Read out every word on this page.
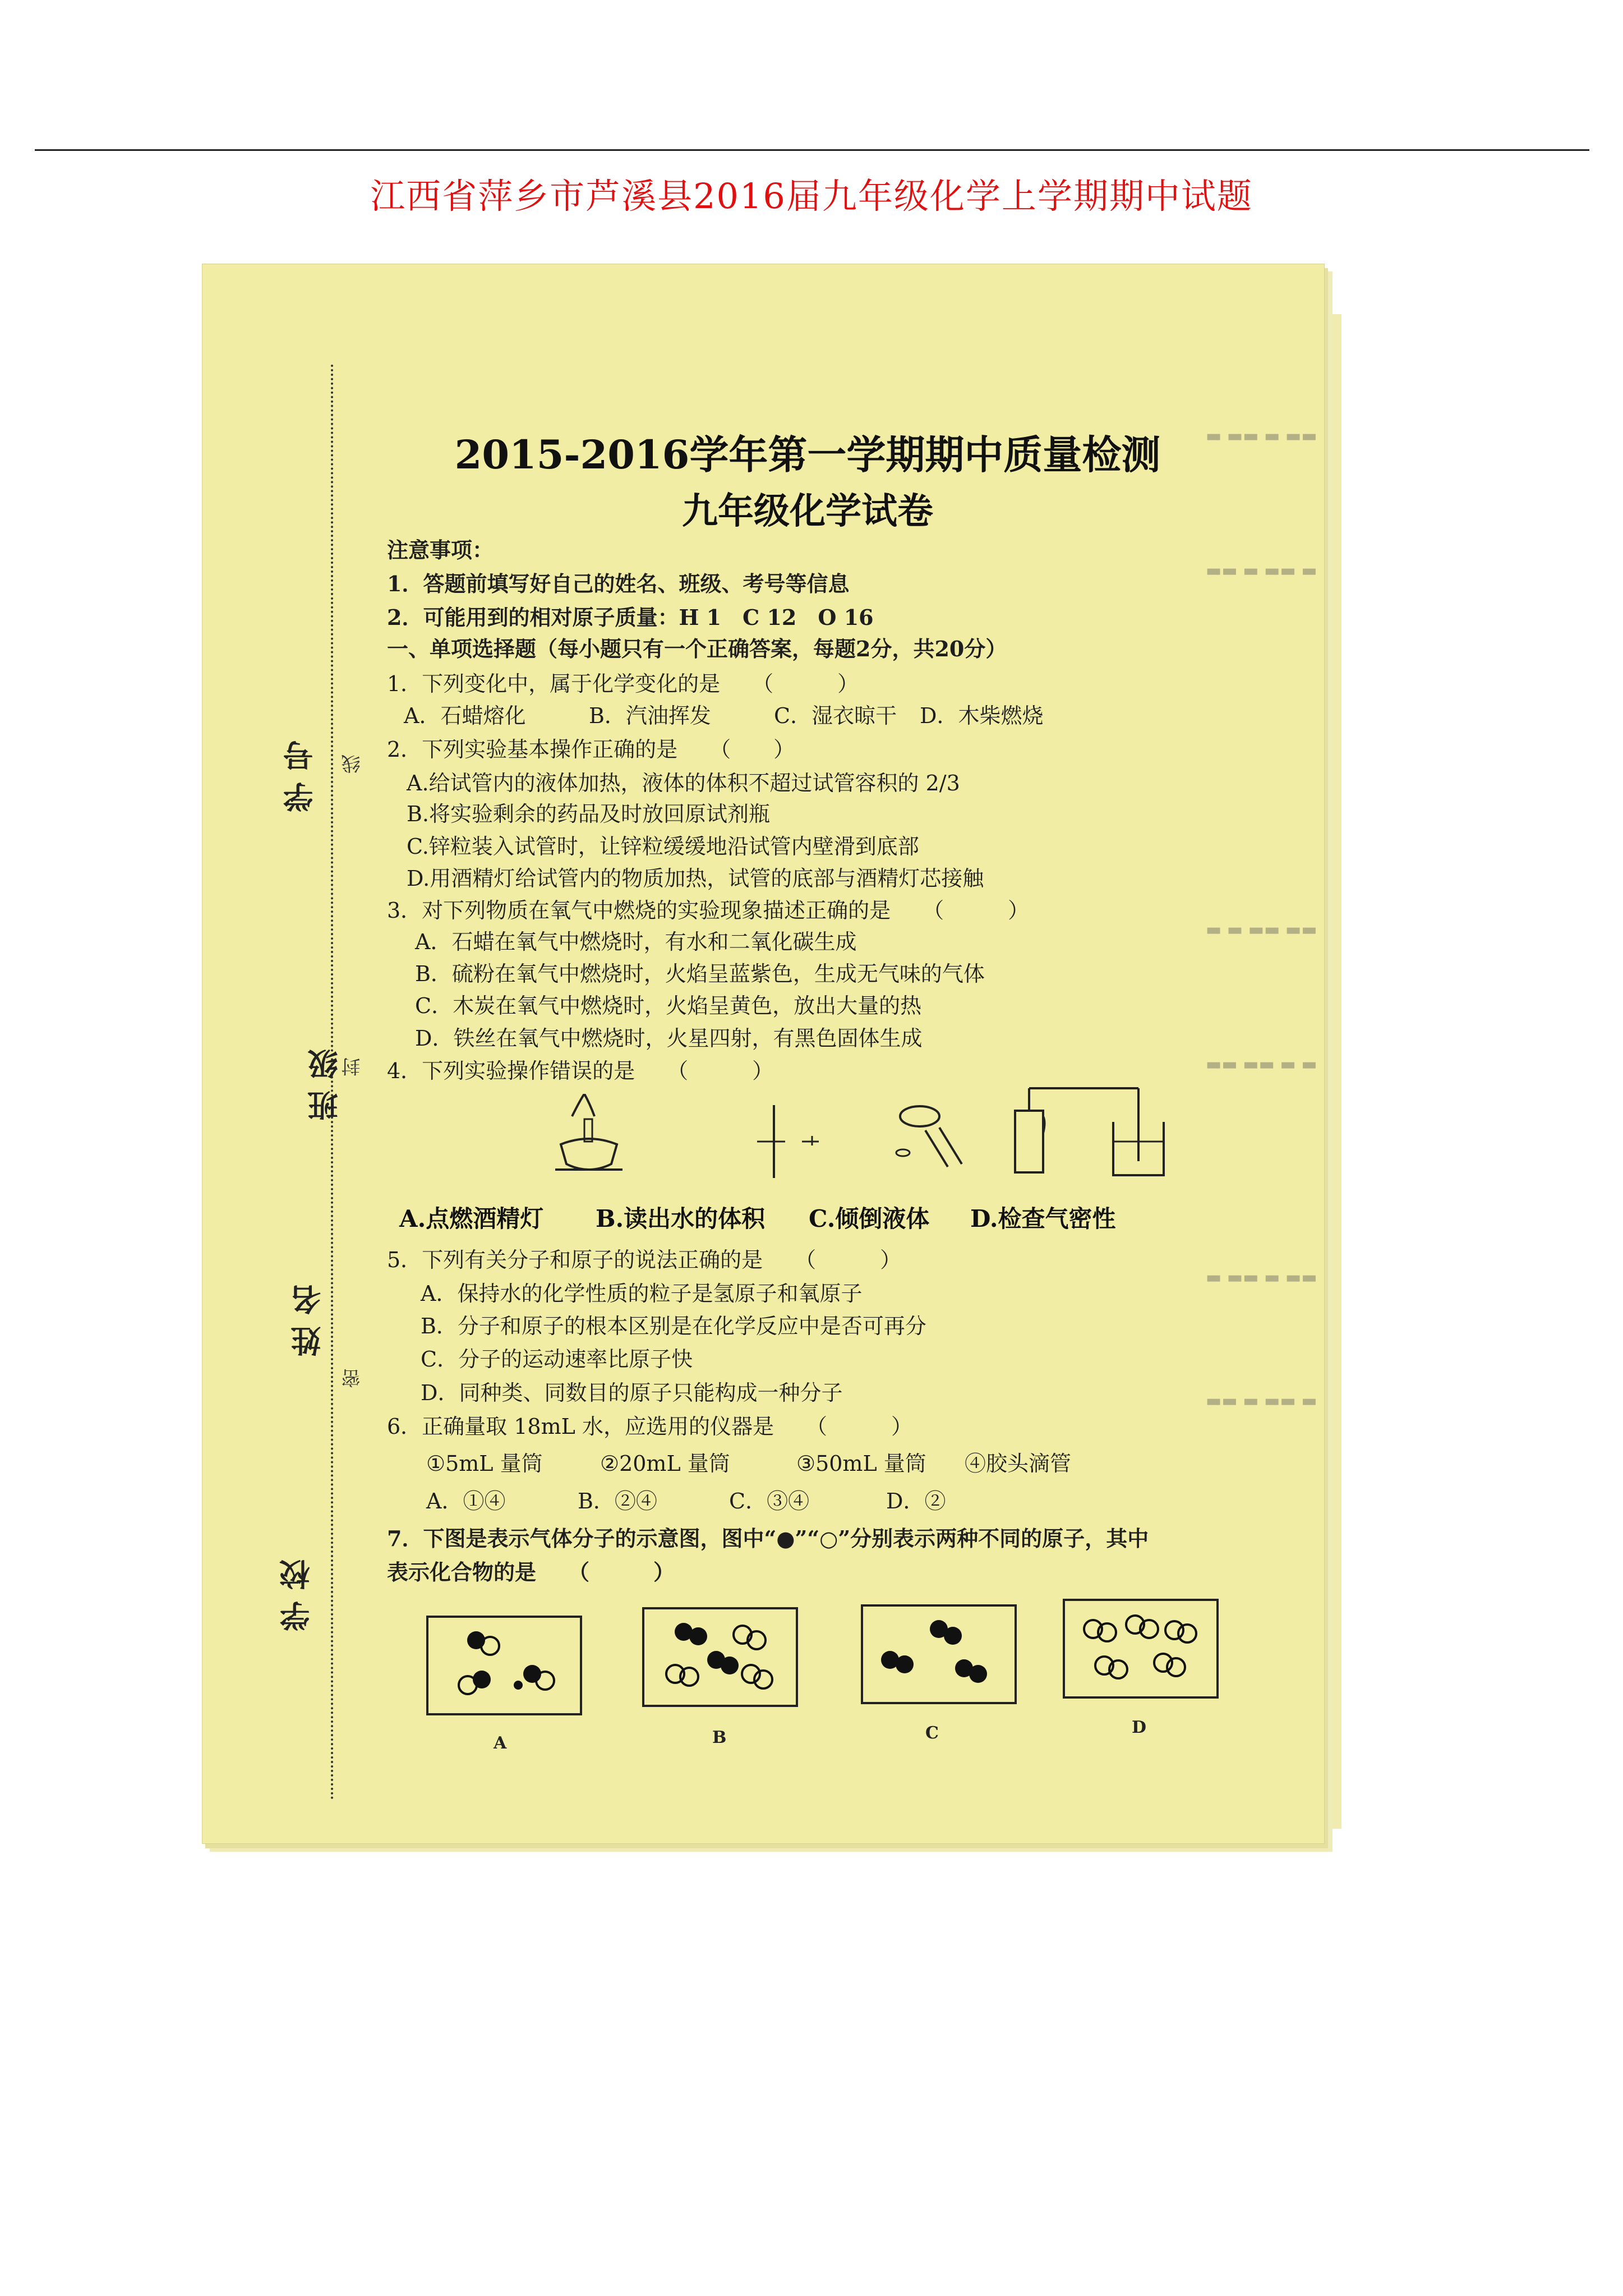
江西省萍乡市芦溪县2016届九年级化学上学期期中试题
▬ ▬▬ ▬ ▬▬
▬▬ ▬ ▬▬ ▬
▬ ▬ ▬▬ ▬▬
▬▬ ▬▬ ▬ ▬
▬ ▬▬ ▬ ▬▬
▬▬ ▬ ▬▬ ▬
学号
班级
姓名
学校
线
封
密
2015-2016学年第一学期期中质量检测
九年级化学试卷
注意事项：
1．答题前填写好自己的姓名、班级、考号等信息
2．可能用到的相对原子质量：H 1　C 12　O 16
一、单项选择题（每小题只有一个正确答案，每题2分，共20分）
1．下列变化中，属于化学变化的是　　（　　　）
A．石蜡熔化	B．汽油挥发	C．湿衣晾干 D．木柴燃烧
2．下列实验基本操作正确的是　　（　　）
A.给试管内的液体加热，液体的体积不超过试管容积的 2/3
B.将实验剩余的药品及时放回原试剂瓶
C.锌粒装入试管时，让锌粒缓缓地沿试管内壁滑到底部
D.用酒精灯给试管内的物质加热，试管的底部与酒精灯芯接触
3．对下列物质在氧气中燃烧的实验现象描述正确的是　　（　　　）
A．石蜡在氧气中燃烧时，有水和二氧化碳生成
B．硫粉在氧气中燃烧时，火焰呈蓝紫色，生成无气味的气体
C．木炭在氧气中燃烧时，火焰呈黄色，放出大量的热
D．铁丝在氧气中燃烧时，火星四射，有黑色固体生成
4．下列实验操作错误的是　　（　　　）
A.点燃酒精灯 B.读出水的体积 C.倾倒液体 D.检查气密性
5．下列有关分子和原子的说法正确的是　　（　　　）
A．保持水的化学性质的粒子是氢原子和氧原子
B．分子和原子的根本区别是在化学反应中是否可再分
C．分子的运动速率比原子快
D．同种类、同数目的原子只能构成一种分子
6．正确量取 18mL 水，应选用的仪器是　　（　　　）
①5mL 量筒	②20mL 量筒	③50mL 量筒 ④胶头滴管
A．①④	B．②④	C．③④	D．②
7．下图是表示气体分子的示意图，图中“●”“○”分别表示两种不同的原子，其中
表示化合物的是　　（　　　）
A	B	C	D
